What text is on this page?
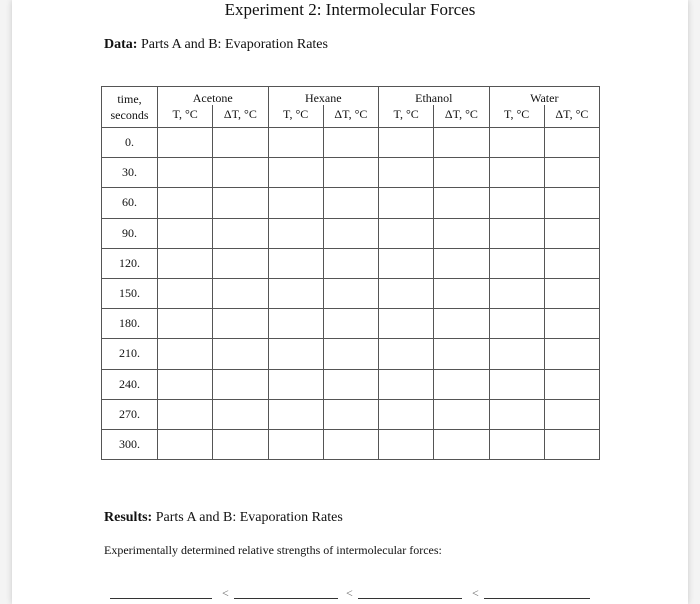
Experiment 2: Intermolecular Forces
Data: Parts A and B: Evaporation Rates
time,
seconds	Acetone		Hexane		Ethanol		Water	
	T, °C	ΔT, °C	T, °C	ΔT, °C	T, °C	ΔT, °C	T, °C	ΔT, °C
0.								
30.								
60.								
90.								
120.								
150.								
180.								
210.								
240.								
270.								
300.								
Results: Parts A and B: Evaporation Rates
Experimentally determined relative strengths of intermolecular forces:
<	<	<
